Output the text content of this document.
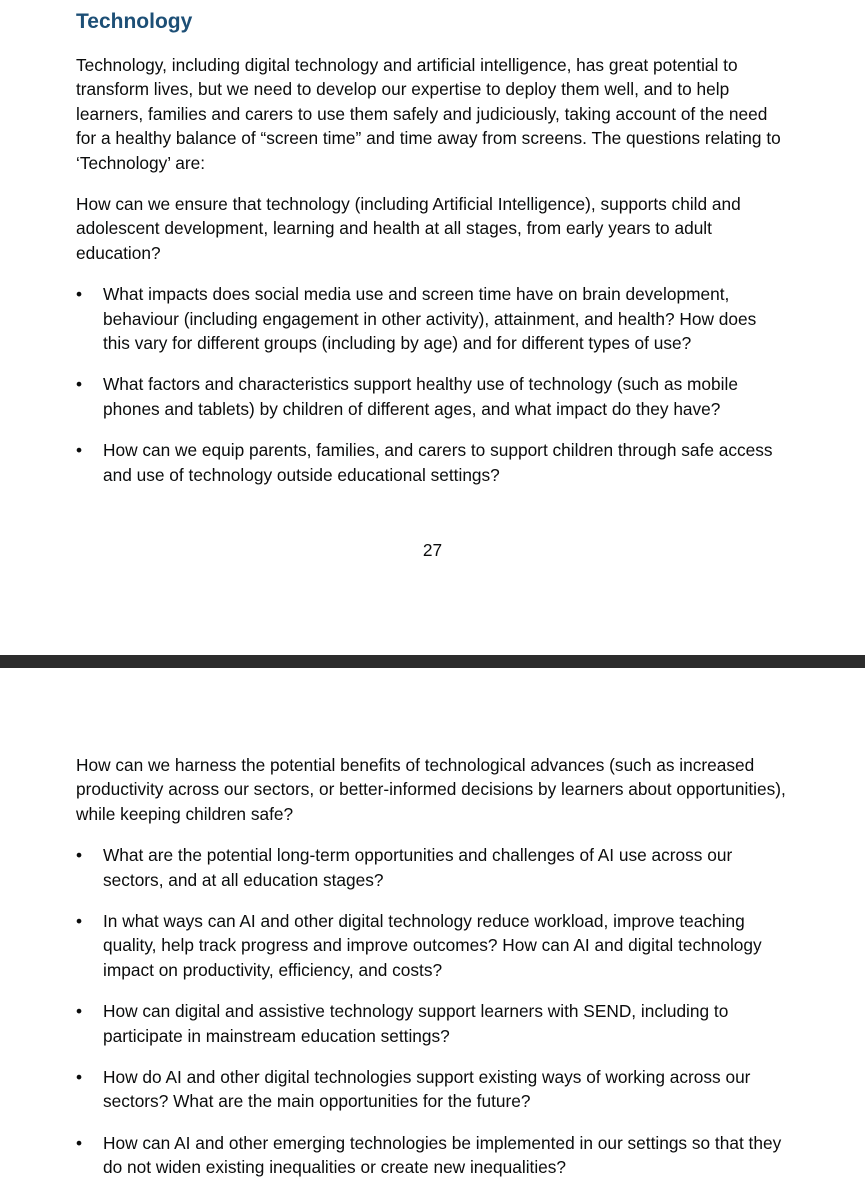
Technology

Technology, including digital technology and artificial intelligence, has great potential to transform lives, but we need to develop our expertise to deploy them well, and to help learners, families and carers to use them safely and judiciously, taking account of the need for a healthy balance of “screen time” and time away from screens. The questions relating to ‘Technology’ are:

How can we ensure that technology (including Artificial Intelligence), supports child and adolescent development, learning and health at all stages, from early years to adult education?

• What impacts does social media use and screen time have on brain development, behaviour (including engagement in other activity), attainment, and health? How does this vary for different groups (including by age) and for different types of use?
• What factors and characteristics support healthy use of technology (such as mobile phones and tablets) by children of different ages, and what impact do they have?
• How can we equip parents, families, and carers to support children through safe access and use of technology outside educational settings?
27

How can we harness the potential benefits of technological advances (such as increased productivity across our sectors, or better-informed decisions by learners about opportunities), while keeping children safe?

• What are the potential long-term opportunities and challenges of AI use across our sectors, and at all education stages?
• In what ways can AI and other digital technology reduce workload, improve teaching quality, help track progress and improve outcomes? How can AI and digital technology impact on productivity, efficiency, and costs?
• How can digital and assistive technology support learners with SEND, including to participate in mainstream education settings?
• How do AI and other digital technologies support existing ways of working across our sectors? What are the main opportunities for the future?
• How can AI and other emerging technologies be implemented in our settings so that they do not widen existing inequalities or create new inequalities?
